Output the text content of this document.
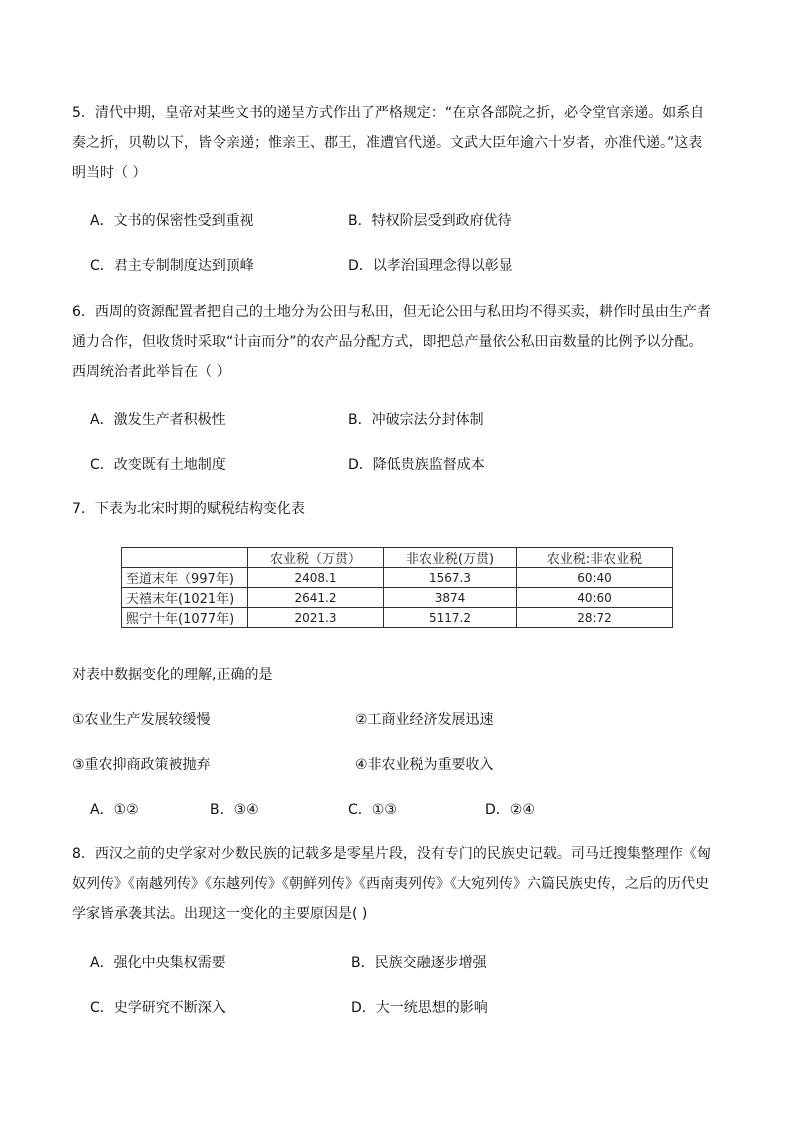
5．清代中期，皇帝对某些文书的递呈方式作出了严格规定：“在京各部院之折，必令堂官亲递。如系自
奏之折，贝勒以下，皆令亲递；惟亲王、郡王，准遭官代递。文武大臣年逾六十岁者，亦准代递。”这表
明当时（ ）
A．文书的保密性受到重视	B．特权阶层受到政府优待
C．君主专制制度达到顶峰	D．以孝治国理念得以彰显
6．西周的资源配置者把自己的土地分为公田与私田，但无论公田与私田均不得买卖，耕作时虽由生产者
通力合作，但收货时采取“计亩而分”的农产品分配方式，即把总产量依公私田亩数量的比例予以分配。
西周统治者此举旨在（ ）
A．激发生产者积极性	B．冲破宗法分封体制
C．改变既有土地制度	D．降低贵族监督成本
7．下表为北宋时期的赋税结构变化表
	农业税（万贯）	非农业税(万贯)	农业税:非农业税
至道末年（997年)	2408.1	1567.3	60:40
天禧末年(1021年)	2641.2	3874	40:60
熙宁十年(1077年)	2021.3	5117.2	28:72
对表中数据变化的理解,正确的是
①农业生产发展较缓慢	②工商业经济发展迅速
③重农抑商政策被抛弃	④非农业税为重要收入
A．①②	B．③④	C．①③	D．②④
8．西汉之前的史学家对少数民族的记载多是零星片段，没有专门的民族史记载。司马迁搜集整理作《匈
奴列传》《南越列传》《东越列传》《朝鲜列传》《西南夷列传》《大宛列传》六篇民族史传，之后的历代史
学家皆承袭其法。出现这一变化的主要原因是( )
A．强化中央集权需要	B．民族交融逐步增强
C．史学研究不断深入	D．大一统思想的影响
